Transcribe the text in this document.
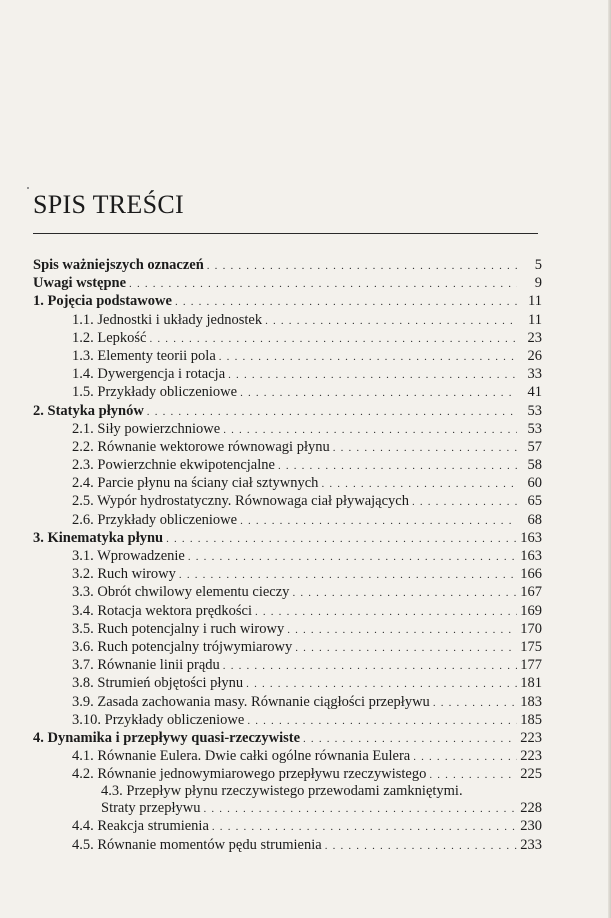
SPIS TREŚCI
Spis ważniejszych oznaczeń . . .	5
Uwagi wstępne . . .	9
1. Pojęcia podstawowe . . .	11
1.1. Jednostki i układy jednostek . . .	11
1.2. Lepkość . . .	23
1.3. Elementy teorii pola . . .	26
1.4. Dywergencja i rotacja . . .	33
1.5. Przykłady obliczeniowe . . .	41
2. Statyka płynów . . .	53
2.1. Siły powierzchniowe . . .	53
2.2. Równanie wektorowe równowagi płynu . . .	57
2.3. Powierzchnie ekwipotencjalne . . .	58
2.4. Parcie płynu na ściany ciał sztywnych . . .	60
2.5. Wypór hydrostatyczny. Równowaga ciał pływających . . .	65
2.6. Przykłady obliczeniowe . . .	68
3. Kinematyka płynu . . .	163
3.1. Wprowadzenie . . .	163
3.2. Ruch wirowy . . .	166
3.3. Obrót chwilowy elementu cieczy . . .	167
3.4. Rotacja wektora prędkości . . .	169
3.5. Ruch potencjalny i ruch wirowy . . .	170
3.6. Ruch potencjalny trójwymiarowy . . .	175
3.7. Równanie linii prądu . . .	177
3.8. Strumień objętości płynu . . .	181
3.9. Zasada zachowania masy. Równanie ciągłości przepływu . . .	183
3.10. Przykłady obliczeniowe . . .	185
4. Dynamika i przepływy quasi-rzeczywiste . . .	223
4.1. Równanie Eulera. Dwie całki ogólne równania Eulera . . .	223
4.2. Równanie jednowymiarowego przepływu rzeczywistego . . .	225
4.3. Przepływ płynu rzeczywistego przewodami zamkniętymi.
Straty przepływu . . .	228
4.4. Reakcja strumienia . . .	230
4.5. Równanie momentów pędu strumienia . . .	233
